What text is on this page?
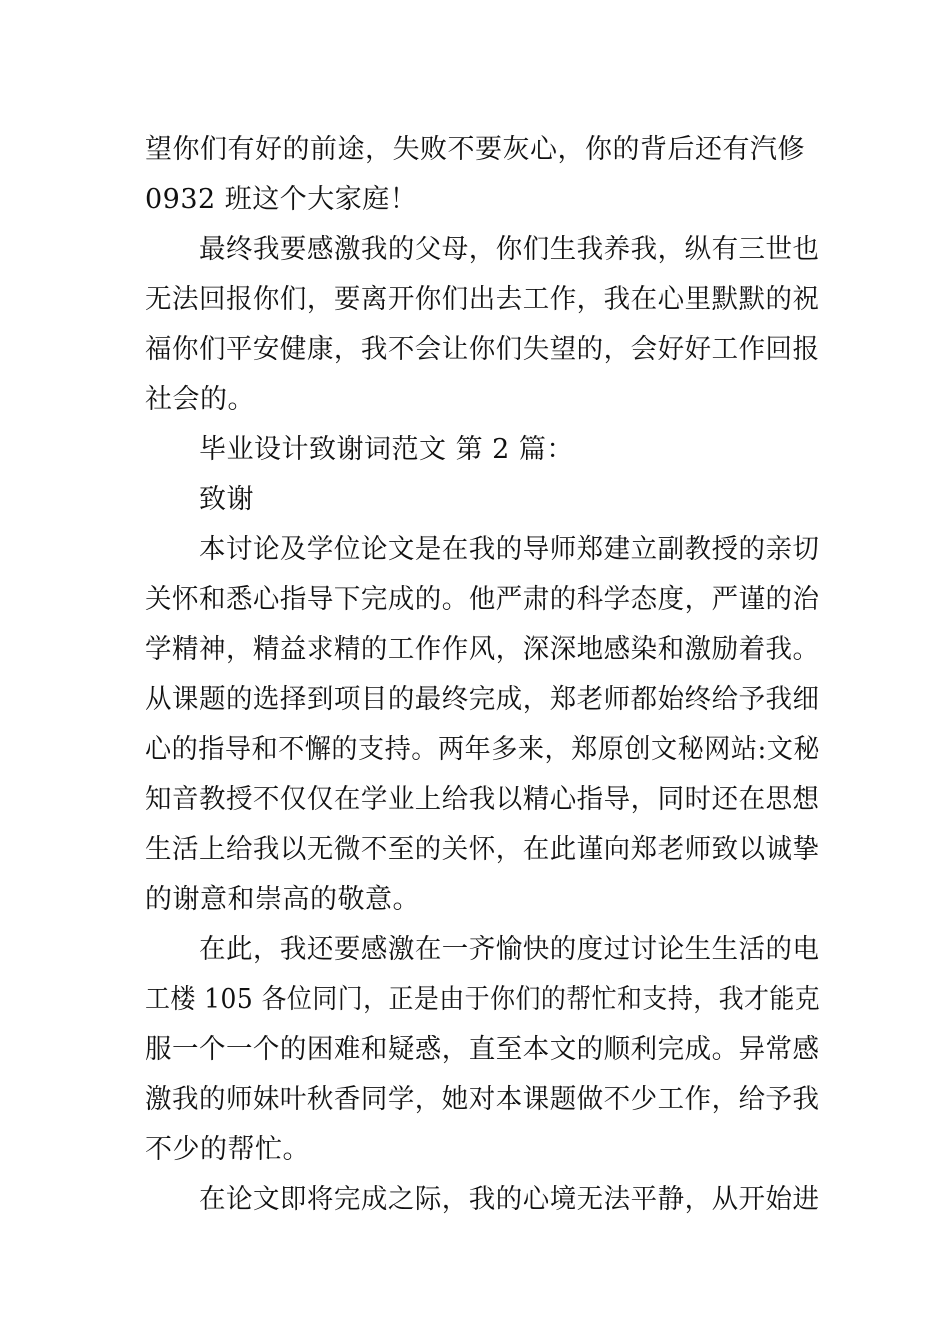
望你们有好的前途，失败不要灰心，你的背后还有汽修
0932 班这个大家庭！
最终我要感激我的父母，你们生我养我，纵有三世也
无法回报你们，要离开你们出去工作，我在心里默默的祝
福你们平安健康，我不会让你们失望的，会好好工作回报
社会的。
毕业设计致谢词范文 第 2 篇：
致谢
本讨论及学位论文是在我的导师郑建立副教授的亲切
关怀和悉心指导下完成的。他严肃的科学态度，严谨的治
学精神，精益求精的工作作风，深深地感染和激励着我。
从课题的选择到项目的最终完成，郑老师都始终给予我细
心的指导和不懈的支持。两年多来，郑原创文秘网站:文秘
知音教授不仅仅在学业上给我以精心指导，同时还在思想
生活上给我以无微不至的关怀，在此谨向郑老师致以诚挚
的谢意和崇高的敬意。
在此，我还要感激在一齐愉快的度过讨论生生活的电
工楼 105 各位同门，正是由于你们的帮忙和支持，我才能克
服一个一个的困难和疑惑，直至本文的顺利完成。异常感
激我的师妹叶秋香同学，她对本课题做不少工作，给予我
不少的帮忙。
在论文即将完成之际，我的心境无法平静，从开始进
